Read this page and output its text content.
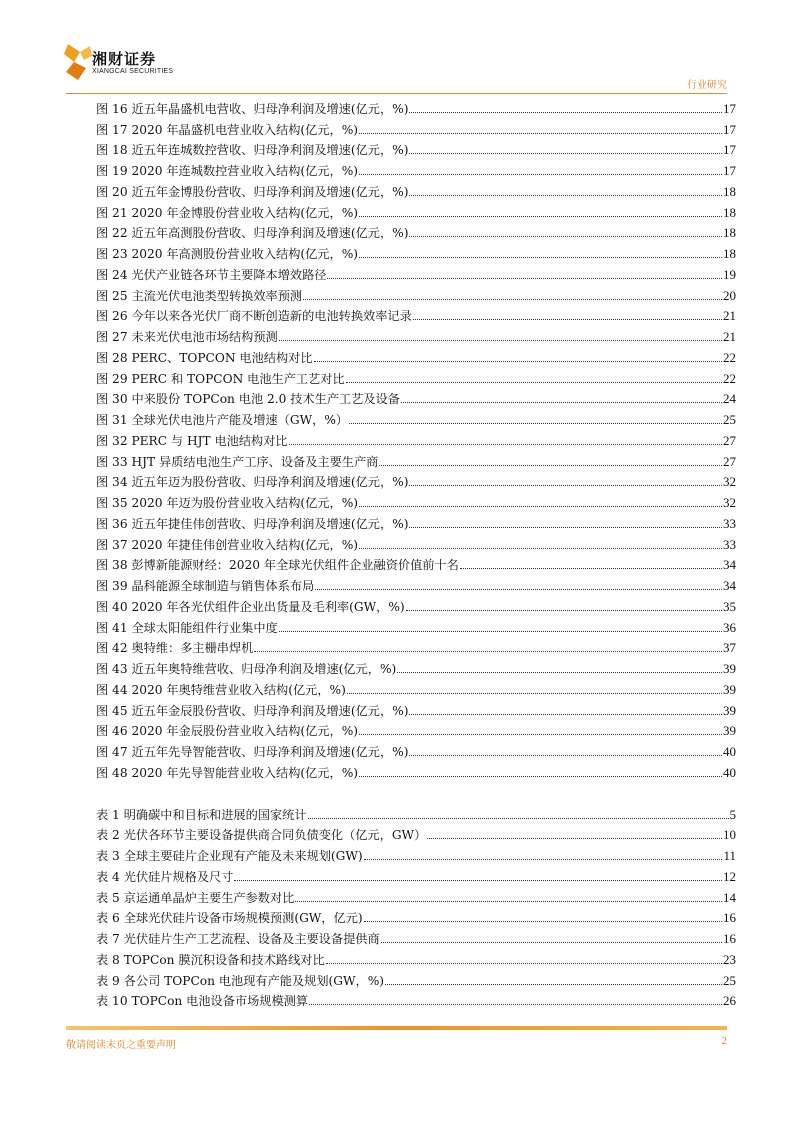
湘财证券
XIANGCAI SECURITIES
行业研究
图 16 近五年晶盛机电营收、归母净利润及增速(亿元，%)	17
图 17 2020 年晶盛机电营业收入结构(亿元，%)	17
图 18 近五年连城数控营收、归母净利润及增速(亿元，%)	17
图 19 2020 年连城数控营业收入结构(亿元，%)	17
图 20 近五年金博股份营收、归母净利润及增速(亿元，%)	18
图 21 2020 年金博股份营业收入结构(亿元，%)	18
图 22 近五年高测股份营收、归母净利润及增速(亿元，%)	18
图 23 2020 年高测股份营业收入结构(亿元，%)	18
图 24 光伏产业链各环节主要降本增效路径	19
图 25 主流光伏电池类型转换效率预测	20
图 26 今年以来各光伏厂商不断创造新的电池转换效率记录	21
图 27 未来光伏电池市场结构预测	21
图 28 PERC、TOPCON 电池结构对比	22
图 29 PERC 和 TOPCON 电池生产工艺对比	22
图 30 中来股份 TOPCon 电池 2.0 技术生产工艺及设备	24
图 31 全球光伏电池片产能及增速（GW，%）	25
图 32 PERC 与 HJT 电池结构对比	27
图 33 HJT 异质结电池生产工序、设备及主要生产商	27
图 34 近五年迈为股份营收、归母净利润及增速(亿元，%)	32
图 35 2020 年迈为股份营业收入结构(亿元，%)	32
图 36 近五年捷佳伟创营收、归母净利润及增速(亿元，%)	33
图 37 2020 年捷佳伟创营业收入结构(亿元，%)	33
图 38 彭博新能源财经：2020 年全球光伏组件企业融资价值前十名	34
图 39 晶科能源全球制造与销售体系布局	34
图 40 2020 年各光伏组件企业出货量及毛利率(GW，%)	35
图 41 全球太阳能组件行业集中度	36
图 42 奥特维：多主栅串焊机	37
图 43 近五年奥特维营收、归母净利润及增速(亿元，%)	39
图 44 2020 年奥特维营业收入结构(亿元，%)	39
图 45 近五年金辰股份营收、归母净利润及增速(亿元，%)	39
图 46 2020 年金辰股份营业收入结构(亿元，%)	39
图 47 近五年先导智能营收、归母净利润及增速(亿元，%)	40
图 48 2020 年先导智能营业收入结构(亿元，%)	40
表 1 明确碳中和目标和进展的国家统计	5
表 2 光伏各环节主要设备提供商合同负债变化（亿元，GW）	10
表 3 全球主要硅片企业现有产能及未来规划(GW)	11
表 4 光伏硅片规格及尺寸	12
表 5 京运通单晶炉主要生产参数对比	14
表 6 全球光伏硅片设备市场规模预测(GW，亿元)	16
表 7 光伏硅片生产工艺流程、设备及主要设备提供商	16
表 8 TOPCon 膜沉积设备和技术路线对比	23
表 9 各公司 TOPCon 电池现有产能及规划(GW，%)	25
表 10 TOPCon 电池设备市场规模测算	26
敬请阅读末页之重要声明	2
